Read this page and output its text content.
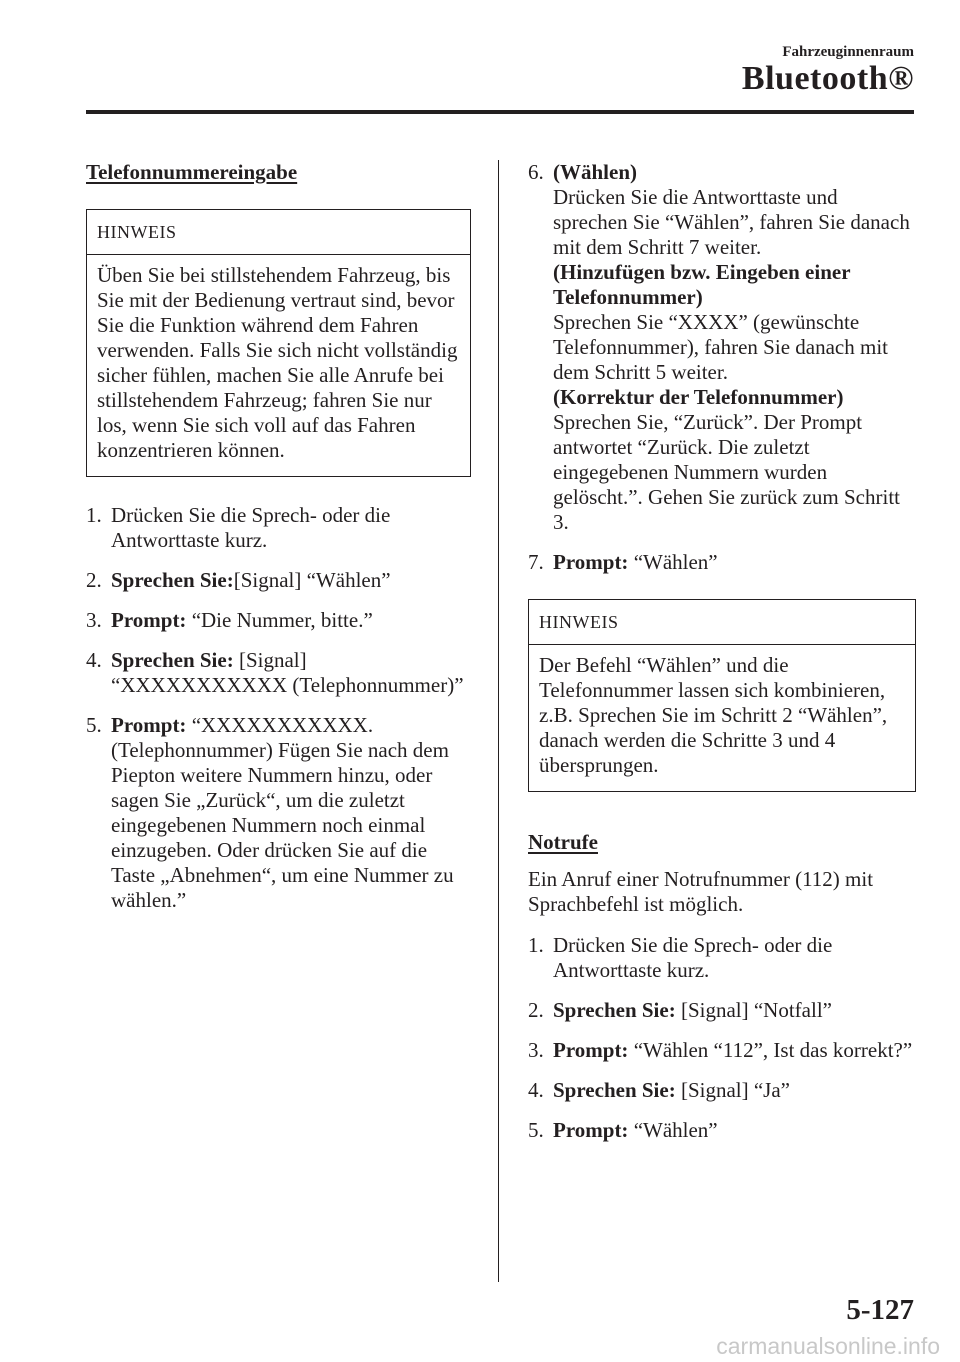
Fahrzeuginnenraum
Bluetooth®
Telefonnummereingabe
HINWEIS
Üben Sie bei stillstehendem Fahrzeug, bis Sie mit der Bedienung vertraut sind, bevor Sie die Funktion während dem Fahren verwenden. Falls Sie sich nicht vollständig sicher fühlen, machen Sie alle Anrufe bei stillstehendem Fahrzeug; fahren Sie nur los, wenn Sie sich voll auf das Fahren konzentrieren können.
1. Drücken Sie die Sprech- oder die Antworttaste kurz.
2. Sprechen Sie:[Signal] “Wählen”
3. Prompt: “Die Nummer, bitte.”
4. Sprechen Sie: [Signal] “XXXXXXXXXXX (Telephonnummer)”
5. Prompt: “XXXXXXXXXXX. (Telephonnummer) Fügen Sie nach dem Piepton weitere Nummern hinzu, oder sagen Sie „Zurück“, um die zuletzt eingegebenen Nummern noch einmal einzugeben. Oder drücken Sie auf die Taste „Abnehmen“, um eine Nummer zu wählen.”
6. (Wählen)
Drücken Sie die Antworttaste und sprechen Sie “Wählen”, fahren Sie danach mit dem Schritt 7 weiter.
(Hinzufügen bzw. Eingeben einer Telefonnummer)
Sprechen Sie “XXXX” (gewünschte Telefonnummer), fahren Sie danach mit dem Schritt 5 weiter.
(Korrektur der Telefonnummer)
Sprechen Sie, “Zurück”. Der Prompt antwortet “Zurück. Die zuletzt eingegebenen Nummern wurden gelöscht.”. Gehen Sie zurück zum Schritt 3.
7. Prompt: “Wählen”
HINWEIS
Der Befehl “Wählen” und die Telefonnummer lassen sich kombinieren, z.B. Sprechen Sie im Schritt 2 “Wählen”, danach werden die Schritte 3 und 4 übersprungen.
Notrufe
Ein Anruf einer Notrufnummer (112) mit Sprachbefehl ist möglich.
1. Drücken Sie die Sprech- oder die Antworttaste kurz.
2. Sprechen Sie: [Signal] “Notfall”
3. Prompt: “Wählen “112”, Ist das korrekt?”
4. Sprechen Sie: [Signal] “Ja”
5. Prompt: “Wählen”
5-127
carmanualsonline.info
